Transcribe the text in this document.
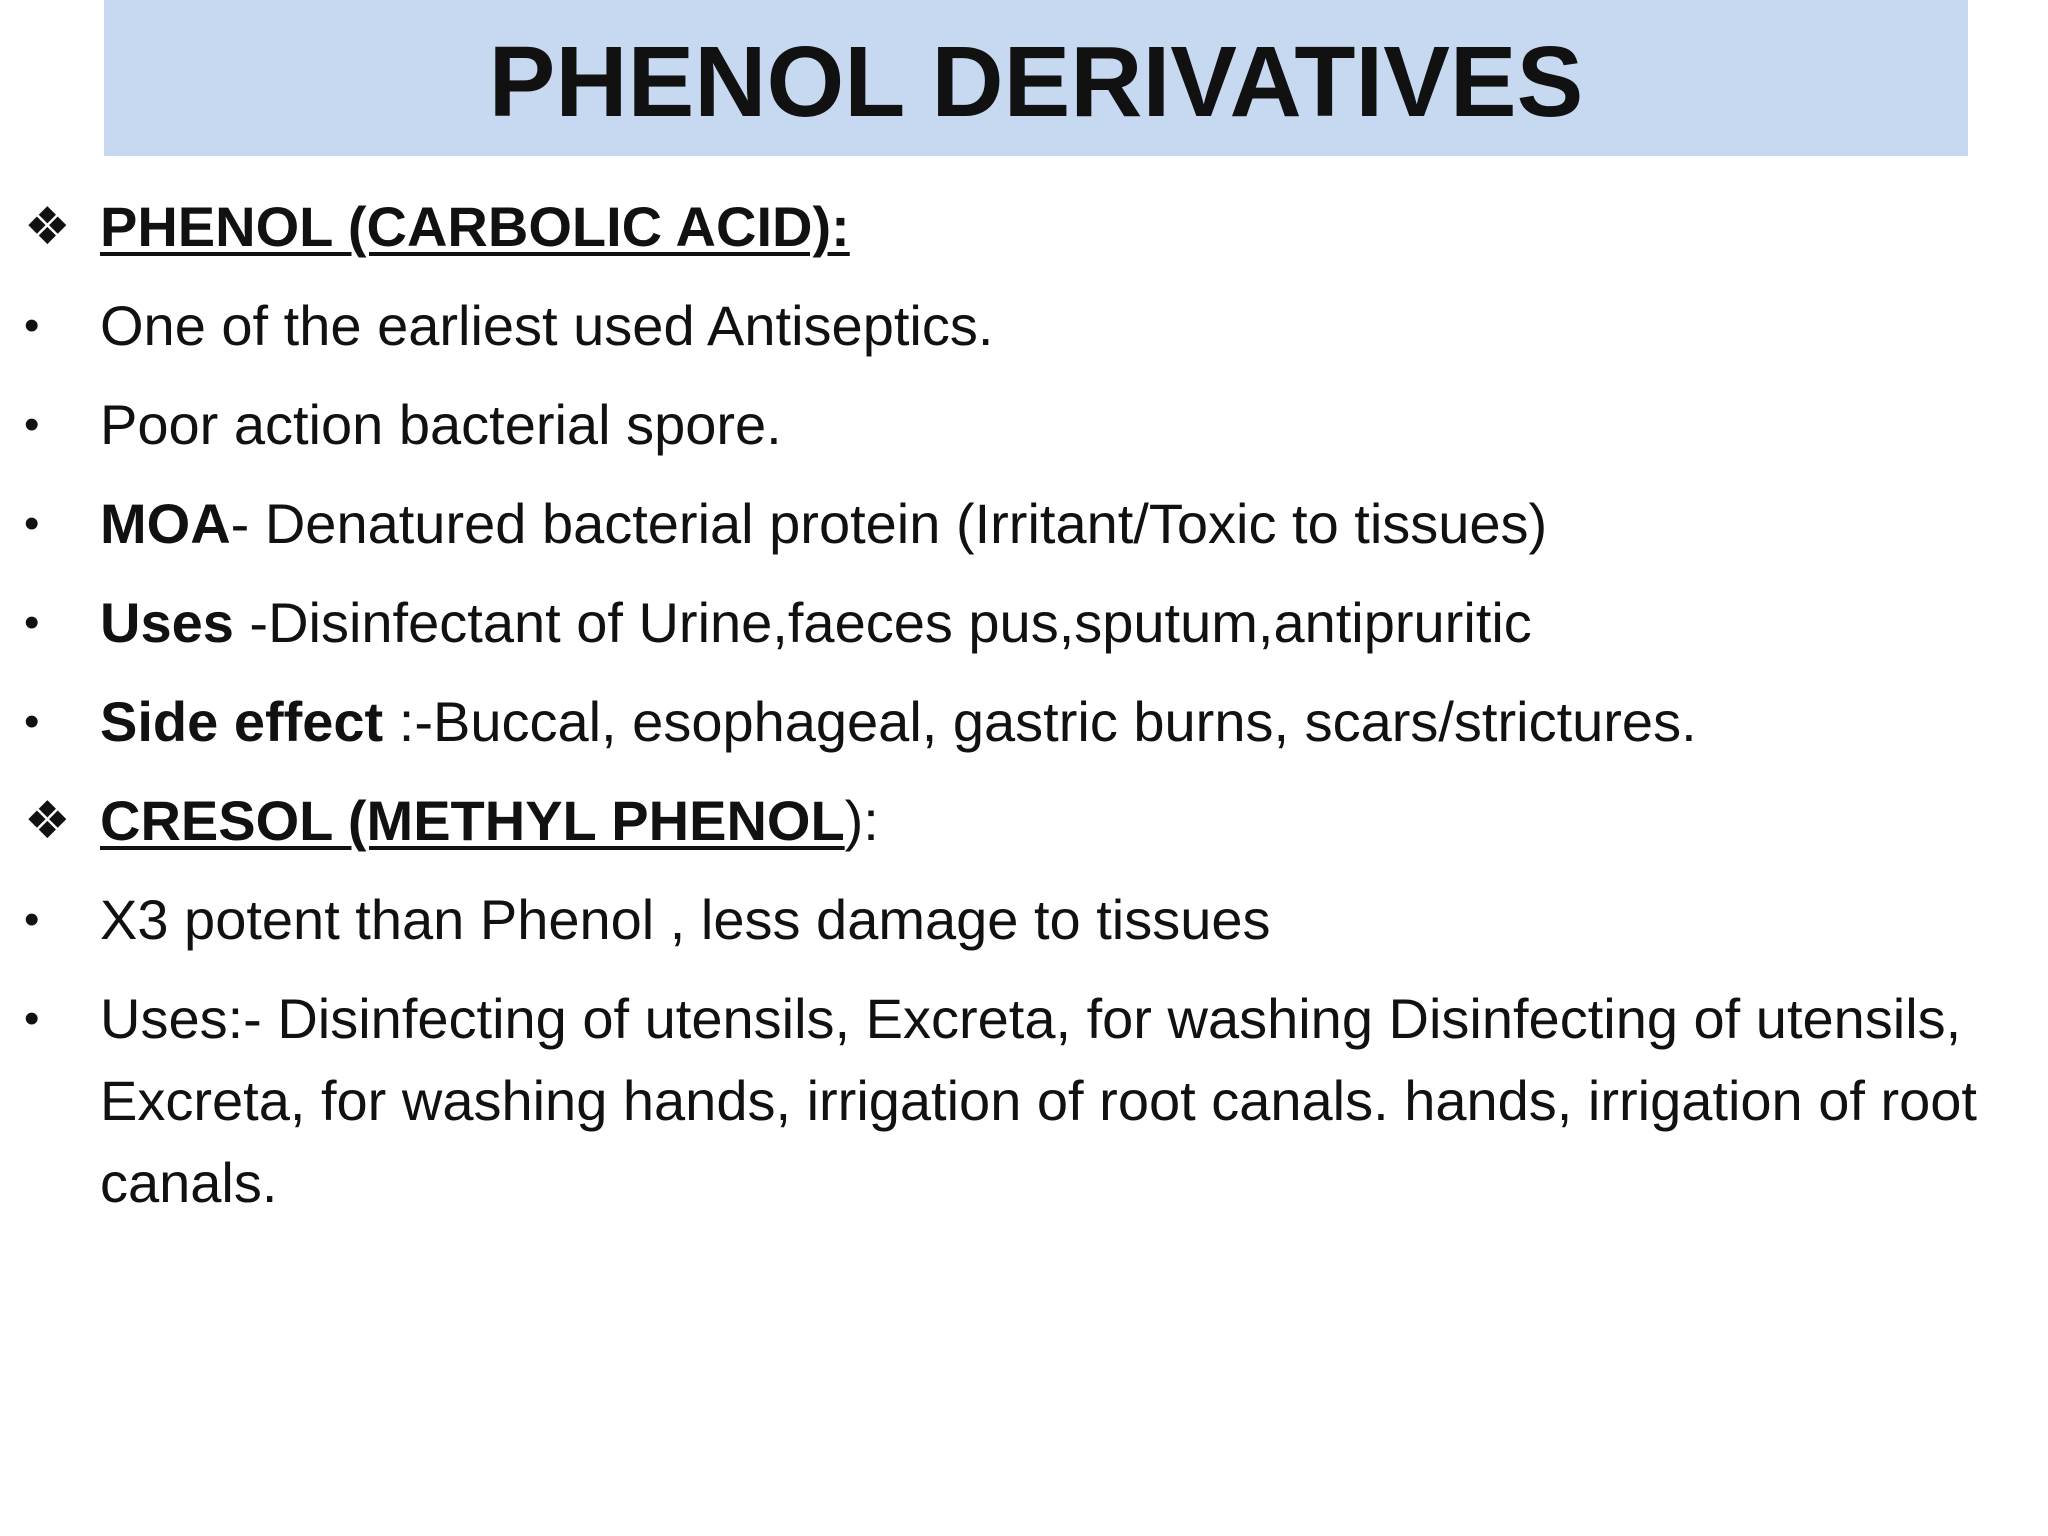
PHENOL DERIVATIVES
❖ PHENOL (CARBOLIC ACID):
•	One of the earliest used Antiseptics.
•	Poor action bacterial spore.
•	MOA- Denatured bacterial protein (Irritant/Toxic to tissues)
•	Uses -Disinfectant of Urine,faeces pus,sputum,antipruritic
•	Side effect :-Buccal, esophageal, gastric burns, scars/strictures.
❖ CRESOL (METHYL PHENOL):
•	X3 potent than Phenol , less damage to tissues
•	Uses:- Disinfecting of utensils, Excreta, for washing Disinfecting of utensils, Excreta, for washing hands, irrigation of root canals. hands, irrigation of root canals.
